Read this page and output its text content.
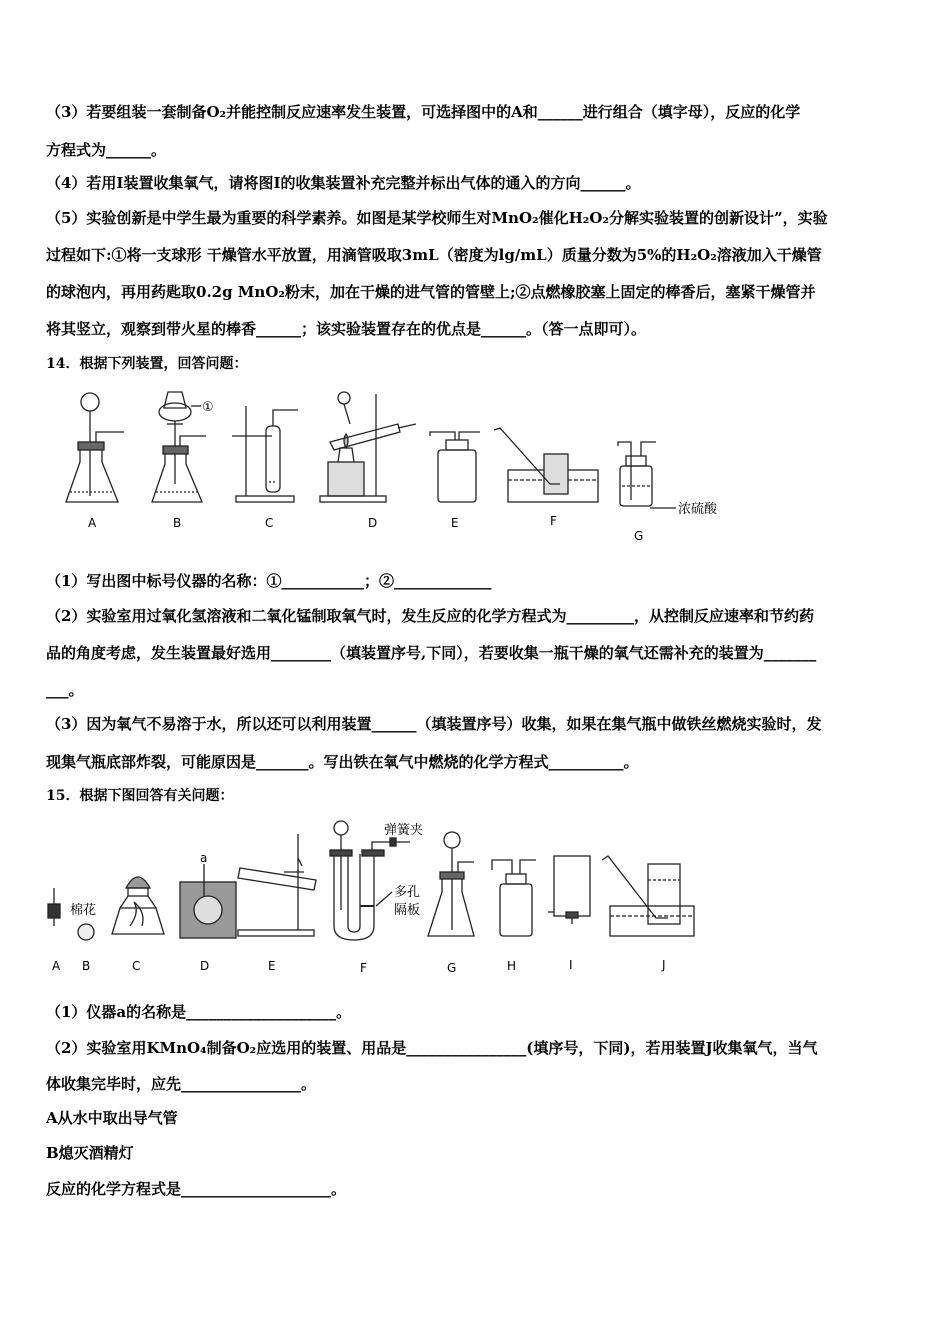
（3）若要组装一套制备O₂并能控制反应速率发生装置，可选择图中的A和______进行组合（填字母），反应的化学
方程式为______。
（4）若用I装置收集氧气，请将图I的收集装置补充完整并标出气体的通入的方向______。
（5）实验创新是中学生最为重要的科学素养。如图是某学校师生对MnO₂催化H₂O₂分解实验装置的创新设计”，实验
过程如下:①将一支球形 干燥管水平放置，用滴管吸取3mL（密度为lg/mL）质量分数为5%的H₂O₂溶液加入干燥管
的球泡内，再用药匙取0.2g MnO₂粉末，加在干燥的进气管的管壁上;②点燃橡胶塞上固定的棒香后，塞紧干燥管并
将其竖立，观察到带火星的棒香______；该实验装置存在的优点是______。（答一点即可）。
14．根据下列装置，回答问题：
①
浓硫酸
A	B	C	D	E	F
G
（1）写出图中标号仪器的名称：①___________；②_____________
（2）实验室用过氧化氢溶液和二氧化锰制取氧气时，发生反应的化学方程式为_________，从控制反应速率和节约药
品的角度考虑，发生装置最好选用________（填装置序号,下同），若要收集一瓶干燥的氧气还需补充的装置为_______
___。
（3）因为氧气不易溶于水，所以还可以利用装置______（填装置序号）收集，如果在集气瓶中做铁丝燃烧实验时，发
现集气瓶底部炸裂，可能原因是_______。写出铁在氧气中燃烧的化学方程式__________。
15．根据下图回答有关问题：
棉花
a
弹簧夹
多孔
隔板
A B	C	D	E	F	G	H	I	J
（1）仪器a的名称是____________________。
（2）实验室用KMnO₄制备O₂应选用的装置、用品是________________(填序号，下同)，若用装置J收集氧气，当气
体收集完毕时，应先________________。
A从水中取出导气管
B熄灭酒精灯
反应的化学方程式是____________________。
